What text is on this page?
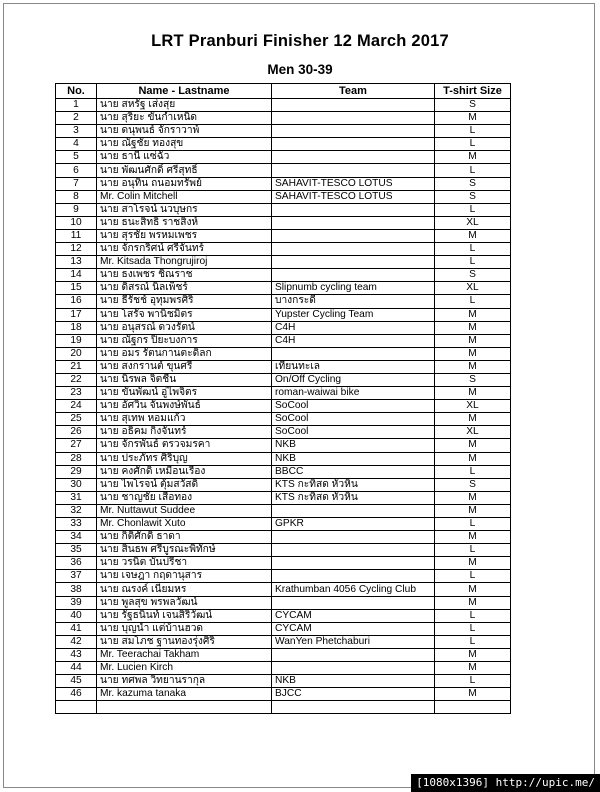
LRT Pranburi Finisher 12 March 2017
Men 30-39
No.	Name - Lastname	Team	T-shirt Size
1	นาย สหรัฐ เส่งสุย		S
2	นาย สุริยะ ขันกำเหนิด		M
3	นาย ดนุพนธ์ จักราวาพ์		L
4	นาย ณัฐชัย ทองสุข		L
5	นาย ธานี แซ่ฉั่ว		M
6	นาย พัฒนศักดิ์ ศรีสุทธิ์		L
7	นาย อนุทิน ถนอมทรัพย์	SAHAVIT-TESCO LOTUS	S
8	Mr. Colin Mitchell	SAHAVIT-TESCO LOTUS	S
9	นาย สาโรจน์ นวบุษกร		L
10	นาย ธนะสิทธิ์ ราชสิงห์		XL
11	นาย สุรชัย พรหมเพชร		M
12	นาย จักรกริศน์ ศรีจันทร์		L
13	Mr. Kitsada Thongrujiroj		L
14	นาย ธงเพชร ชิณราช		S
15	นาย ดิสรณ์ นิลเพ็ชร์	Slipnumb cycling team	XL
16	นาย ธีรัชช์ อุทุมพรศิริ	บางกระดี่	L
17	นาย โสรัจ พานิชมิตร	Yupster Cycling Team	M
18	นาย อนุสรณ์ ดวงรัตน์	C4H	M
19	นาย ณัฐกร ปิยะบงการ	C4H	M
20	นาย อมร รัตนกานตะดิลก		M
21	นาย สงกรานต์ ขุนศรี	เทียนทะเล	M
22	นาย นิรพล จิตชื่น	On/Off Cycling	S
23	นาย ขันพัฒน์ อู่ไพจิตร	roman-waiwai bike	M
24	นาย อัศวิน จันพงษ์พันธ์	SoCool	XL
25	นาย สุเทพ หอมแก้ว	SoCool	M
26	นาย อธิคม กิ่งจันทร์	SoCool	XL
27	นาย จักรพันธ์ ตรวจมรคา	NKB	M
28	นาย ประภัทร ศิริบุญ	NKB	M
29	นาย คงศักดิ์ เหมือนเรือง	BBCC	L
30	นาย ไพโรจน์ ตุ้มสวัสดิ์	KTS กะทิสด หัวหิน	S
31	นาย ชาญชัย เสือทอง	KTS กะทิสด หัวหิน	M
32	Mr. Nuttawut Suddee		M
33	Mr. Chonlawit Xuto	GPKR	L
34	นาย กิติศักดิ์ ธาดา		M
35	นาย สินธพ ศรีบูรณะพิทักษ์		L
36	นาย วรนิต บั้นปรีชา		M
37	นาย เจษฎา กฤดานุสาร		L
38	นาย ณรงค์ เนียมหร	Krathumban 4056 Cycling Club	M
39	นาย พูลสุข พรพลวัฒน์		M
40	นาย รัฐธนินท์ เจนสิริวัฒน์	CYCAM	L
41	นาย บุญนำ แต่บ้านฮวด	CYCAM	L
42	นาย สมโภช ฐานทองรุ่งศิริ	WanYen Phetchaburi	L
43	Mr. Teerachai Takham		M
44	Mr. Lucien Kirch		M
45	นาย ทศพล วิทยานรากุล	NKB	L
46	Mr. kazuma tanaka	BJCC	M

[1080x1396] http://upic.me/
